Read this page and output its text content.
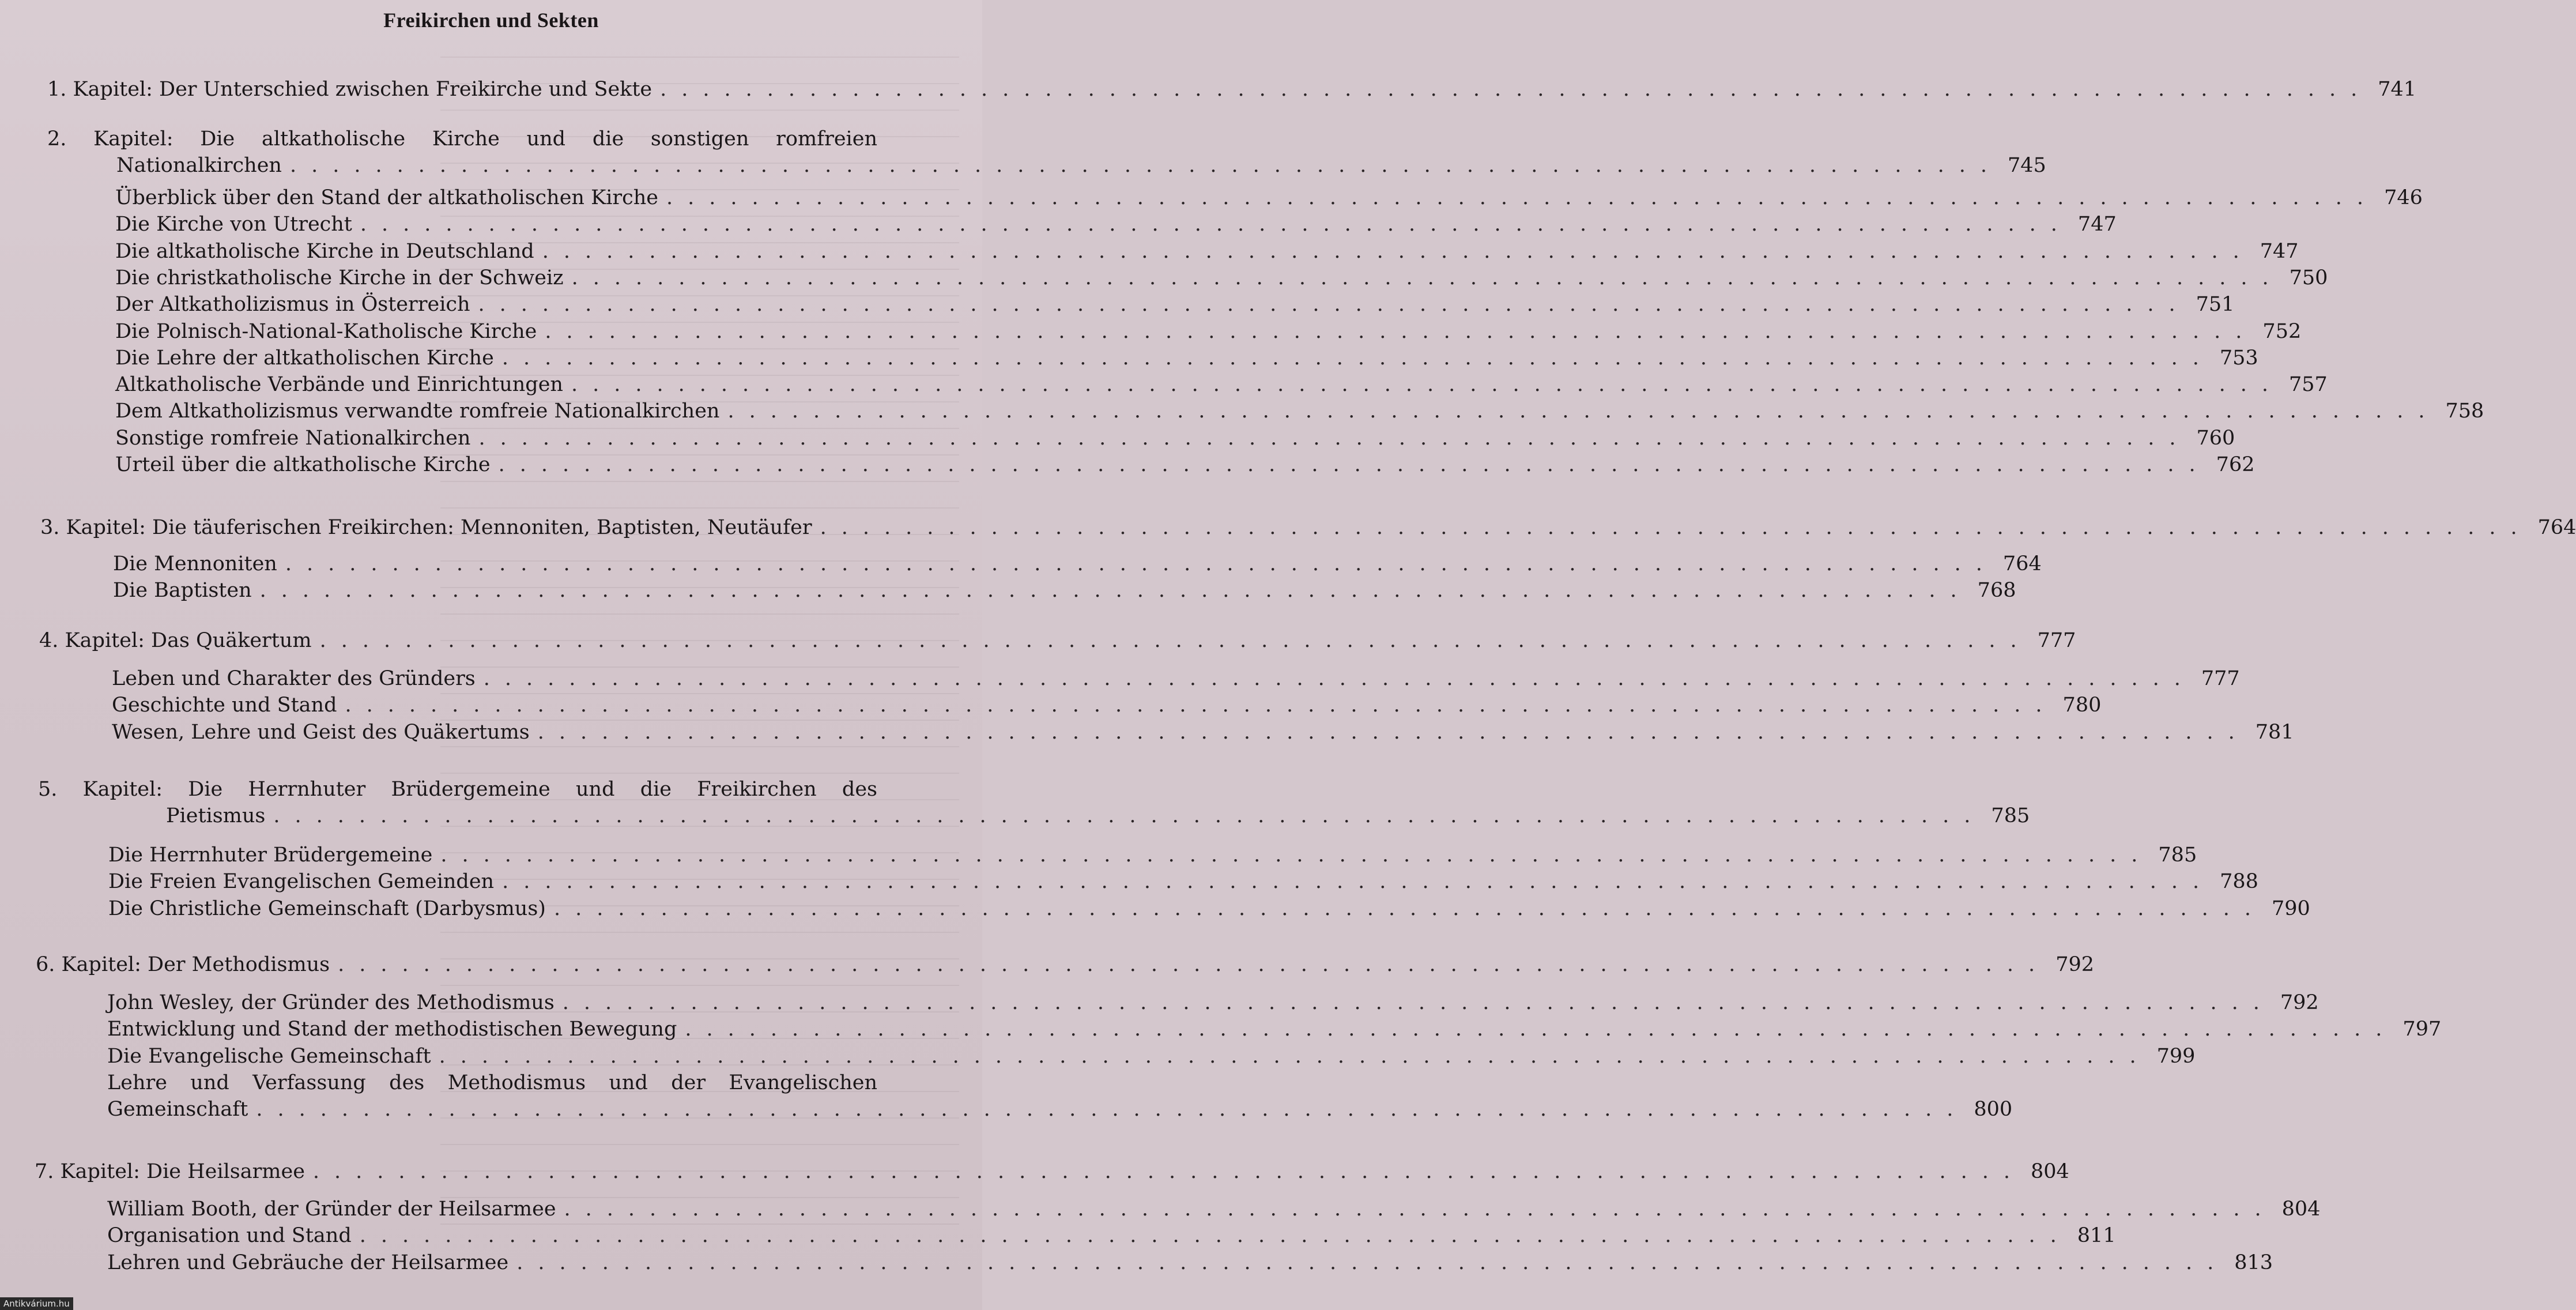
Freikirchen und Sekten
1. Kapitel: Der Unterschied zwischen Freikirche und Sekte ................................................................................ 741
2. Kapitel: Die altkatholische Kirche und die sonstigen romfreien
Nationalkirchen ................................................................................ 745
Überblick über den Stand der altkatholischen Kirche ................................................................................ 746
Die Kirche von Utrecht ................................................................................ 747
Die altkatholische Kirche in Deutschland ................................................................................ 747
Die christkatholische Kirche in der Schweiz ................................................................................ 750
Der Altkatholizismus in Österreich ................................................................................ 751
Die Polnisch-National-Katholische Kirche ................................................................................ 752
Die Lehre der altkatholischen Kirche ................................................................................ 753
Altkatholische Verbände und Einrichtungen ................................................................................ 757
Dem Altkatholizismus verwandte romfreie Nationalkirchen ................................................................................ 758
Sonstige romfreie Nationalkirchen ................................................................................ 760
Urteil über die altkatholische Kirche ................................................................................ 762
3. Kapitel: Die täuferischen Freikirchen: Mennoniten, Baptisten, Neutäufer ................................................................................ 764
Die Mennoniten ................................................................................ 764
Die Baptisten ................................................................................ 768
4. Kapitel: Das Quäkertum ................................................................................ 777
Leben und Charakter des Gründers ................................................................................ 777
Geschichte und Stand ................................................................................ 780
Wesen, Lehre und Geist des Quäkertums ................................................................................ 781
5. Kapitel: Die Herrnhuter Brüdergemeine und die Freikirchen des
Pietismus ................................................................................ 785
Die Herrnhuter Brüdergemeine ................................................................................ 785
Die Freien Evangelischen Gemeinden ................................................................................ 788
Die Christliche Gemeinschaft (Darbysmus) ................................................................................ 790
6. Kapitel: Der Methodismus ................................................................................ 792
John Wesley, der Gründer des Methodismus ................................................................................ 792
Entwicklung und Stand der methodistischen Bewegung ................................................................................ 797
Die Evangelische Gemeinschaft ................................................................................ 799
Lehre und Verfassung des Methodismus und der Evangelischen
Gemeinschaft ................................................................................ 800
7. Kapitel: Die Heilsarmee ................................................................................ 804
William Booth, der Gründer der Heilsarmee ................................................................................ 804
Organisation und Stand ................................................................................ 811
Lehren und Gebräuche der Heilsarmee ................................................................................ 813
Antikvárium.hu
